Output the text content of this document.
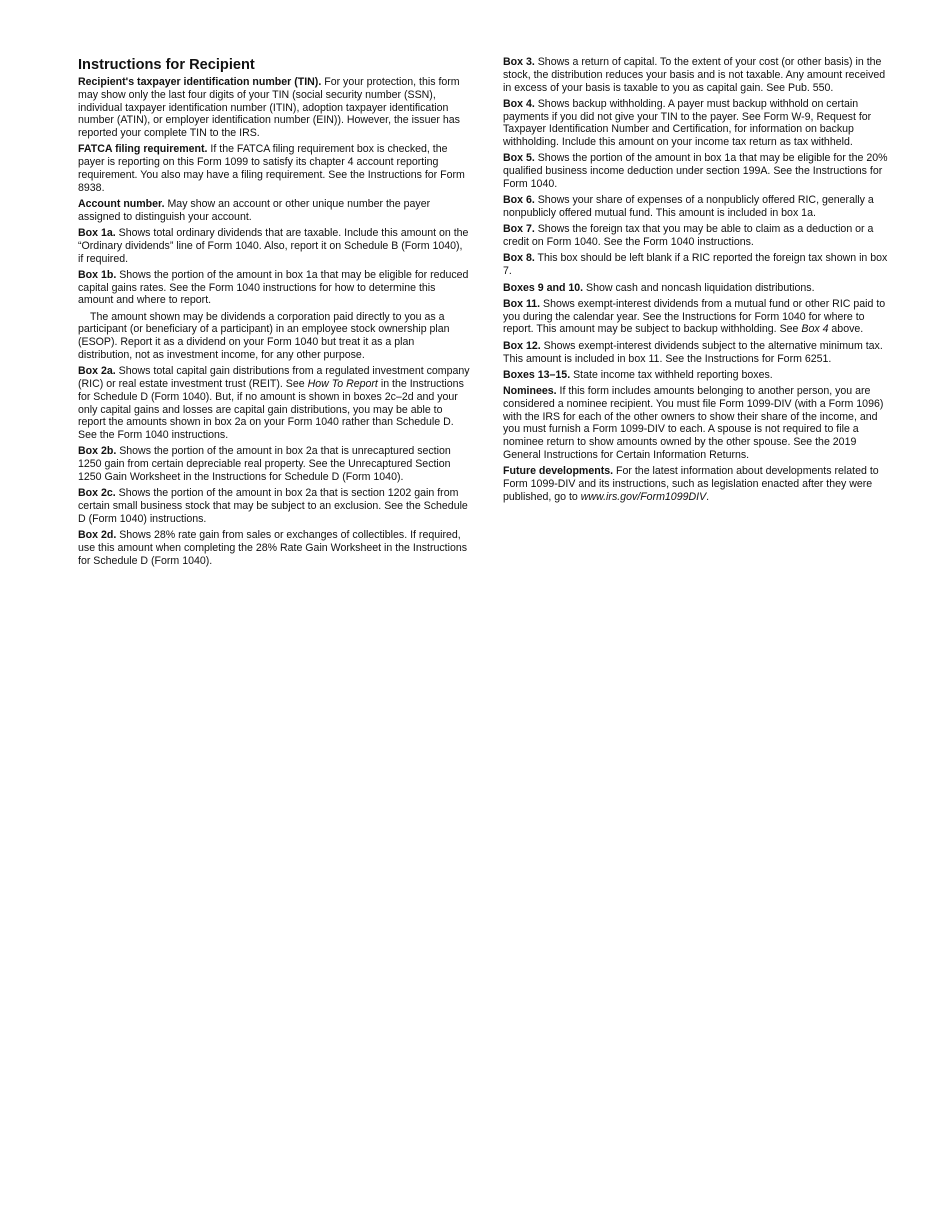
Instructions for Recipient

Recipient's taxpayer identification number (TIN). For your protection, this form may show only the last four digits of your TIN (social security number (SSN), individual taxpayer identification number (ITIN), adoption taxpayer identification number (ATIN), or employer identification number (EIN)). However, the issuer has reported your complete TIN to the IRS.

FATCA filing requirement. If the FATCA filing requirement box is checked, the payer is reporting on this Form 1099 to satisfy its chapter 4 account reporting requirement. You also may have a filing requirement. See the Instructions for Form 8938.

Account number. May show an account or other unique number the payer assigned to distinguish your account.

Box 1a. Shows total ordinary dividends that are taxable. Include this amount on the “Ordinary dividends” line of Form 1040. Also, report it on Schedule B (Form 1040), if required.

Box 1b. Shows the portion of the amount in box 1a that may be eligible for reduced capital gains rates. See the Form 1040 instructions for how to determine this amount and where to report.

The amount shown may be dividends a corporation paid directly to you as a participant (or beneficiary of a participant) in an employee stock ownership plan (ESOP). Report it as a dividend on your Form 1040 but treat it as a plan distribution, not as investment income, for any other purpose.

Box 2a. Shows total capital gain distributions from a regulated investment company (RIC) or real estate investment trust (REIT). See How To Report in the Instructions for Schedule D (Form 1040). But, if no amount is shown in boxes 2c–2d and your only capital gains and losses are capital gain distributions, you may be able to report the amounts shown in box 2a on your Form 1040 rather than Schedule D. See the Form 1040 instructions.

Box 2b. Shows the portion of the amount in box 2a that is unrecaptured section 1250 gain from certain depreciable real property. See the Unrecaptured Section 1250 Gain Worksheet in the Instructions for Schedule D (Form 1040).

Box 2c. Shows the portion of the amount in box 2a that is section 1202 gain from certain small business stock that may be subject to an exclusion. See the Schedule D (Form 1040) instructions.

Box 2d. Shows 28% rate gain from sales or exchanges of collectibles. If required, use this amount when completing the 28% Rate Gain Worksheet in the Instructions for Schedule D (Form 1040).

Box 3. Shows a return of capital. To the extent of your cost (or other basis) in the stock, the distribution reduces your basis and is not taxable. Any amount received in excess of your basis is taxable to you as capital gain. See Pub. 550.

Box 4. Shows backup withholding. A payer must backup withhold on certain payments if you did not give your TIN to the payer. See Form W-9, Request for Taxpayer Identification Number and Certification, for information on backup withholding. Include this amount on your income tax return as tax withheld.

Box 5. Shows the portion of the amount in box 1a that may be eligible for the 20% qualified business income deduction under section 199A. See the Instructions for Form 1040.

Box 6. Shows your share of expenses of a nonpublicly offered RIC, generally a nonpublicly offered mutual fund. This amount is included in box 1a.

Box 7. Shows the foreign tax that you may be able to claim as a deduction or a credit on Form 1040. See the Form 1040 instructions.

Box 8. This box should be left blank if a RIC reported the foreign tax shown in box 7.

Boxes 9 and 10. Show cash and noncash liquidation distributions.

Box 11. Shows exempt-interest dividends from a mutual fund or other RIC paid to you during the calendar year. See the Instructions for Form 1040 for where to report. This amount may be subject to backup withholding. See Box 4 above.

Box 12. Shows exempt-interest dividends subject to the alternative minimum tax. This amount is included in box 11. See the Instructions for Form 6251.

Boxes 13–15. State income tax withheld reporting boxes.

Nominees. If this form includes amounts belonging to another person, you are considered a nominee recipient. You must file Form 1099-DIV (with a Form 1096) with the IRS for each of the other owners to show their share of the income, and you must furnish a Form 1099-DIV to each. A spouse is not required to file a nominee return to show amounts owned by the other spouse. See the 2019 General Instructions for Certain Information Returns.

Future developments. For the latest information about developments related to Form 1099-DIV and its instructions, such as legislation enacted after they were published, go to www.irs.gov/Form1099DIV.
